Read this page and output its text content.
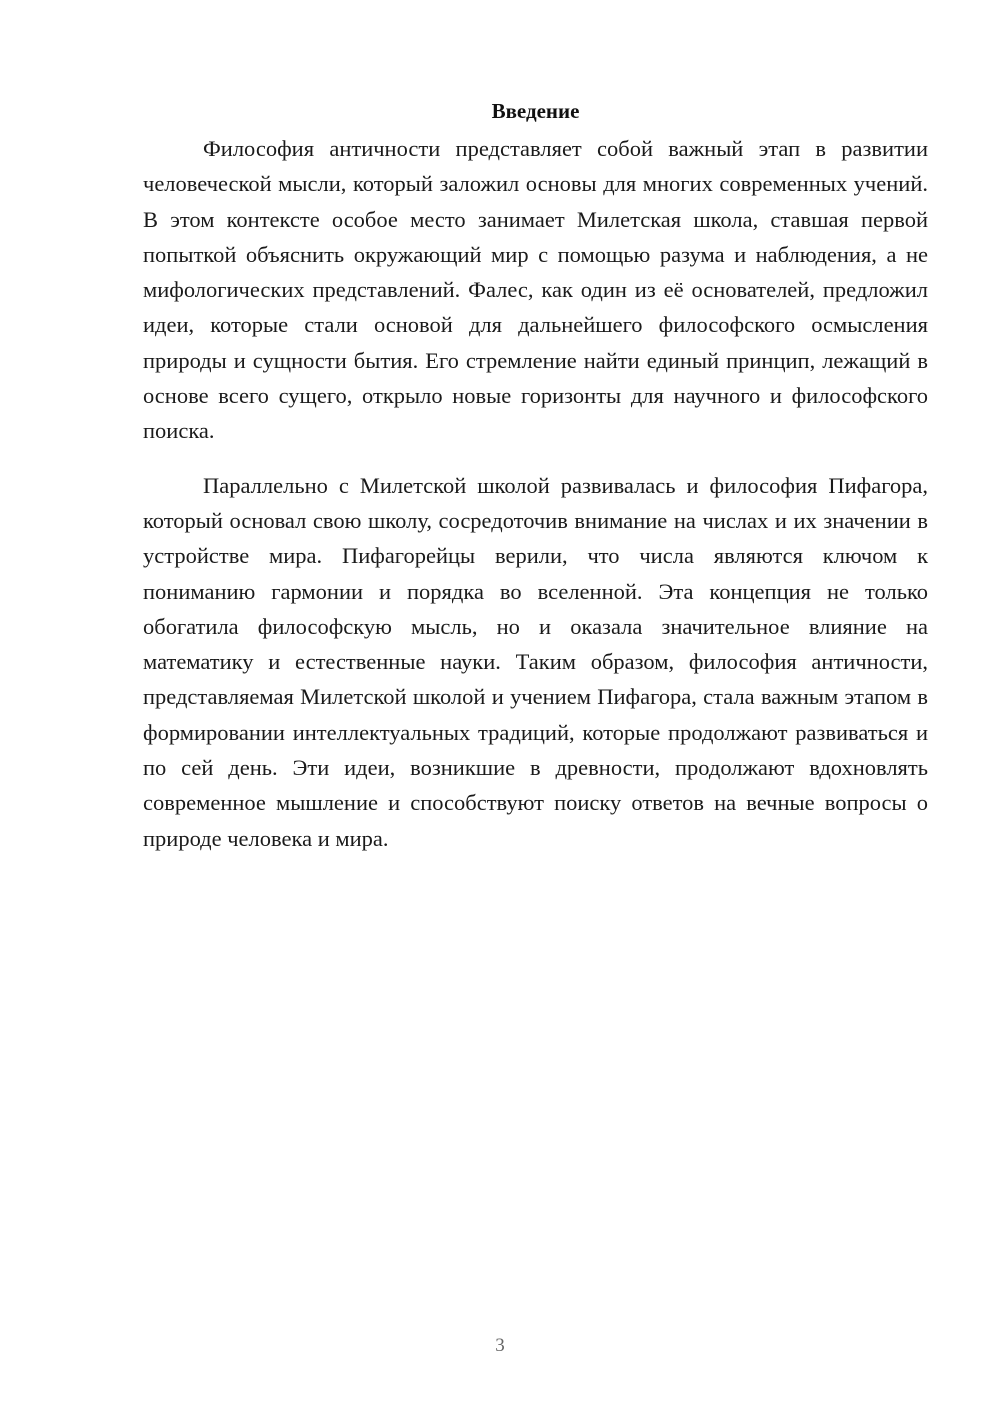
Введение

Философия античности представляет собой важный этап в развитии человеческой мысли, который заложил основы для многих современных учений. В этом контексте особое место занимает Милетская школа, ставшая первой попыткой объяснить окружающий мир с помощью разума и наблюдения, а не мифологических представлений. Фалес, как один из её основателей, предложил идеи, которые стали основой для дальнейшего философского осмысления природы и сущности бытия. Его стремление найти единый принцип, лежащий в основе всего сущего, открыло новые горизонты для научного и философского поиска.

Параллельно с Милетской школой развивалась и философия Пифагора, который основал свою школу, сосредоточив внимание на числах и их значении в устройстве мира. Пифагорейцы верили, что числа являются ключом к пониманию гармонии и порядка во вселенной. Эта концепция не только обогатила философскую мысль, но и оказала значительное влияние на математику и естественные науки. Таким образом, философия античности, представляемая Милетской школой и учением Пифагора, стала важным этапом в формировании интеллектуальных традиций, которые продолжают развиваться и по сей день. Эти идеи, возникшие в древности, продолжают вдохновлять современное мышление и способствуют поиску ответов на вечные вопросы о природе человека и мира.

3
